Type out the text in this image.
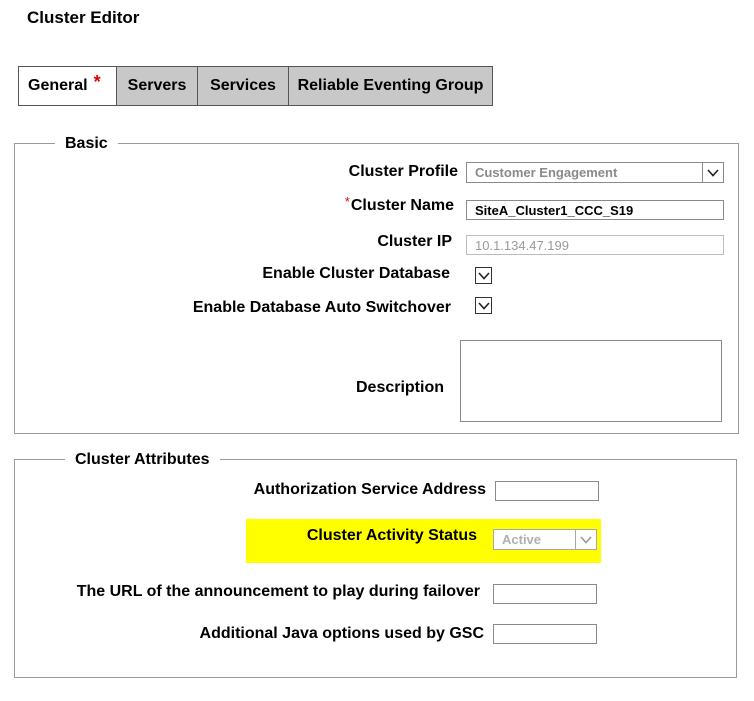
Cluster Editor
General * Servers Services Reliable Eventing Group
Basic
Cluster Profile	Customer Engagement
*Cluster Name	SiteA_Cluster1_CCC_S19
Cluster IP	10.1.134.47.199
Enable Cluster Database
Enable Database Auto Switchover
Description
Cluster Attributes
Authorization Service Address
Cluster Activity Status	Active
The URL of the announcement to play during failover
Additional Java options used by GSC
